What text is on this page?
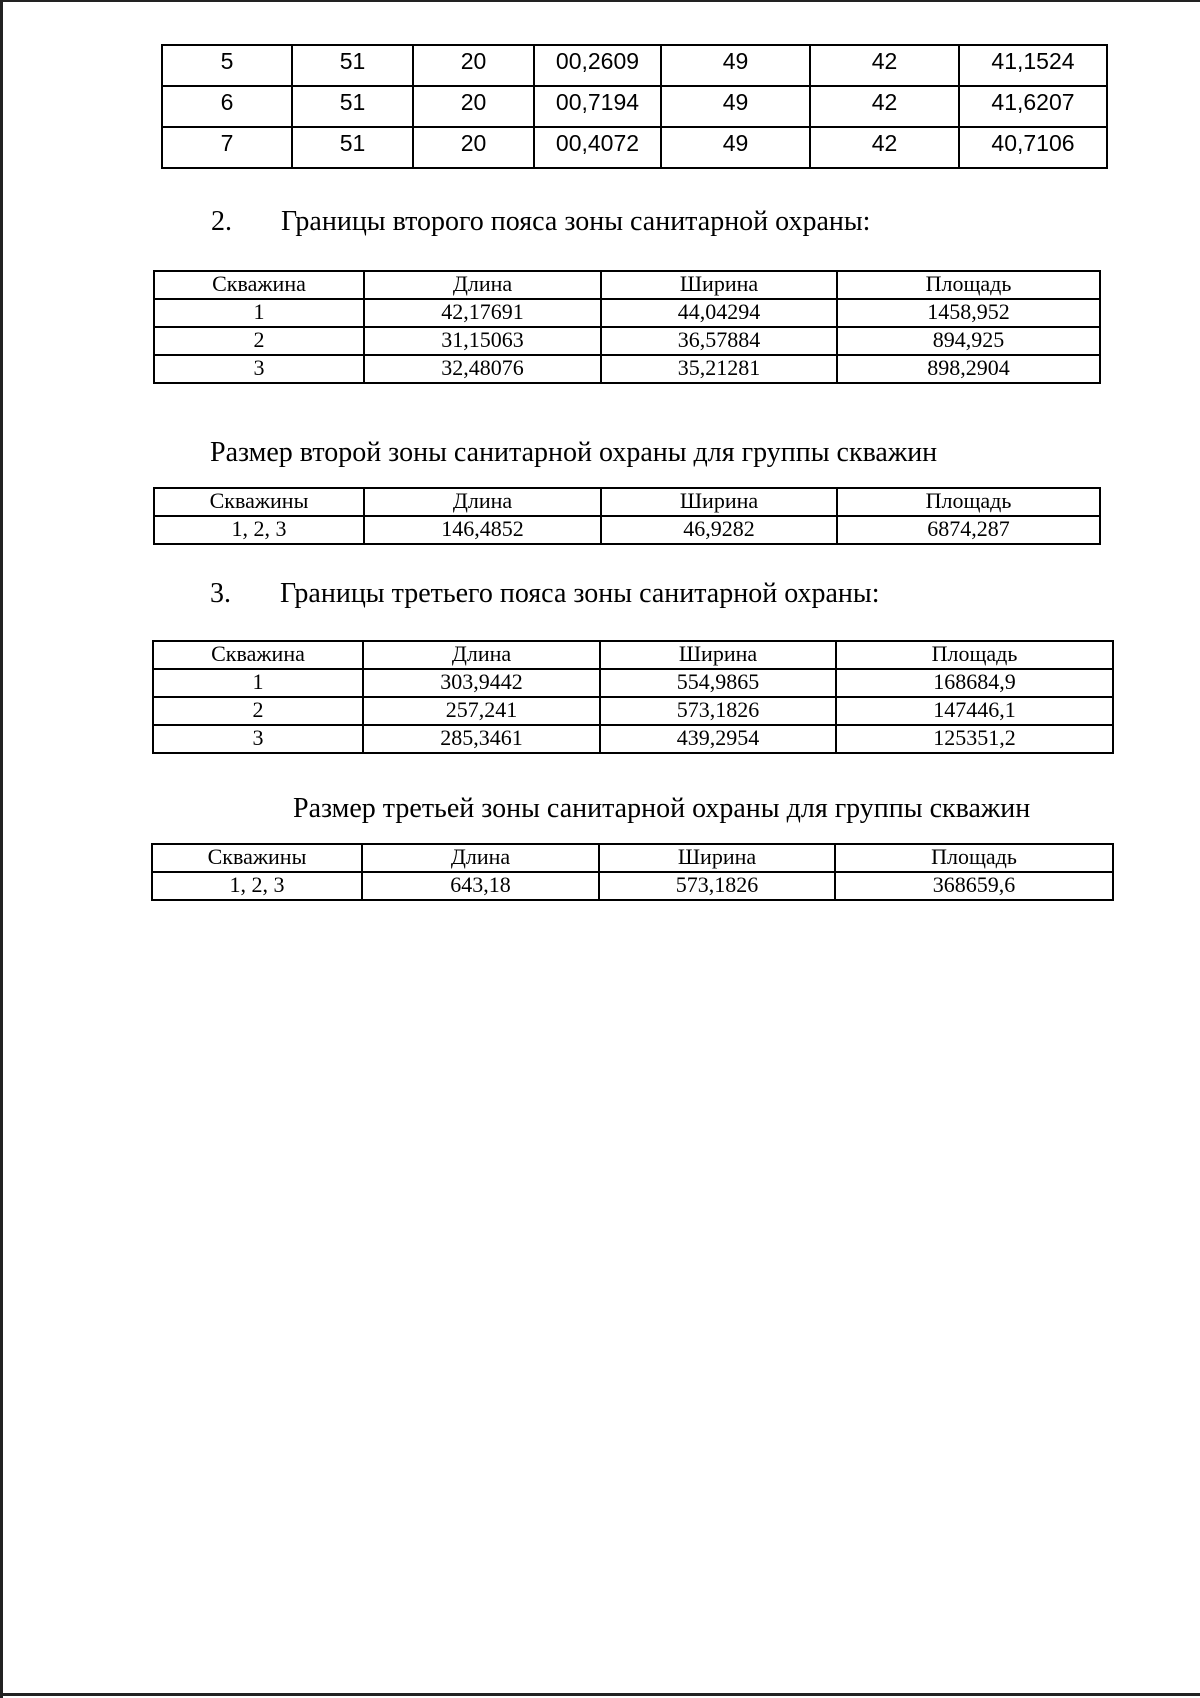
5	51	20	00,2609	49	42	41,1524
6	51	20	00,7194	49	42	41,6207
7	51	20	00,4072	49	42	40,7106
2. Границы второго пояса зоны санитарной охраны:
Скважина	Длина	Ширина	Площадь
1	42,17691	44,04294	1458,952
2	31,15063	36,57884	894,925
3	32,48076	35,21281	898,2904
Размер второй зоны санитарной охраны для группы скважин
Скважины	Длина	Ширина	Площадь
1, 2, 3	146,4852	46,9282	6874,287
3. Границы третьего пояса зоны санитарной охраны:
Скважина	Длина	Ширина	Площадь
1	303,9442	554,9865	168684,9
2	257,241	573,1826	147446,1
3	285,3461	439,2954	125351,2
Размер третьей зоны санитарной охраны для группы скважин
Скважины	Длина	Ширина	Площадь
1, 2, 3	643,18	573,1826	368659,6
